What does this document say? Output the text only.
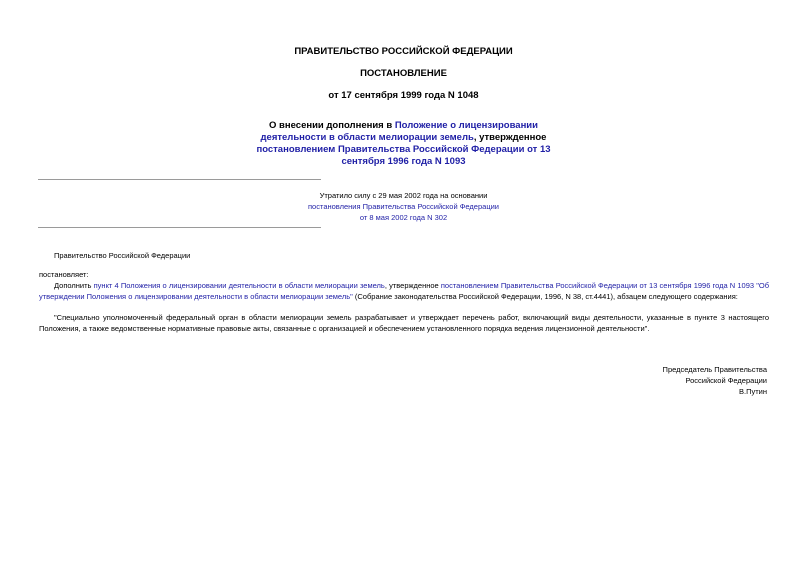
ПРАВИТЕЛЬСТВО РОССИЙСКОЙ ФЕДЕРАЦИИ
ПОСТАНОВЛЕНИЕ
от 17 сентября 1999 года N 1048
О внесении дополнения в Положение о лицензировании деятельности в области мелиорации земель, утвержденное постановлением Правительства Российской Федерации от 13 сентября 1996 года N 1093
Утратило силу с 29 мая 2002 года на основании
постановления Правительства Российской Федерации
от 8 мая 2002 года N 302
Правительство Российской Федерации
постановляет:
Дополнить пункт 4 Положения о лицензировании деятельности в области мелиорации земель, утвержденное постановлением Правительства Российской Федерации от 13 сентября 1996 года N 1093 "Об утверждении Положения о лицензировании деятельности в области мелиорации земель" (Собрание законодательства Российской Федерации, 1996, N 38, ст.4441), абзацем следующего содержания:
"Специально уполномоченный федеральный орган в области мелиорации земель разрабатывает и утверждает перечень работ, включающий виды деятельности, указанные в пункте 3 настоящего Положения, а также ведомственные нормативные правовые акты, связанные с организацией и обеспечением установленного порядка ведения лицензионной деятельности".
Председатель Правительства
Российской Федерации
В.Путин
